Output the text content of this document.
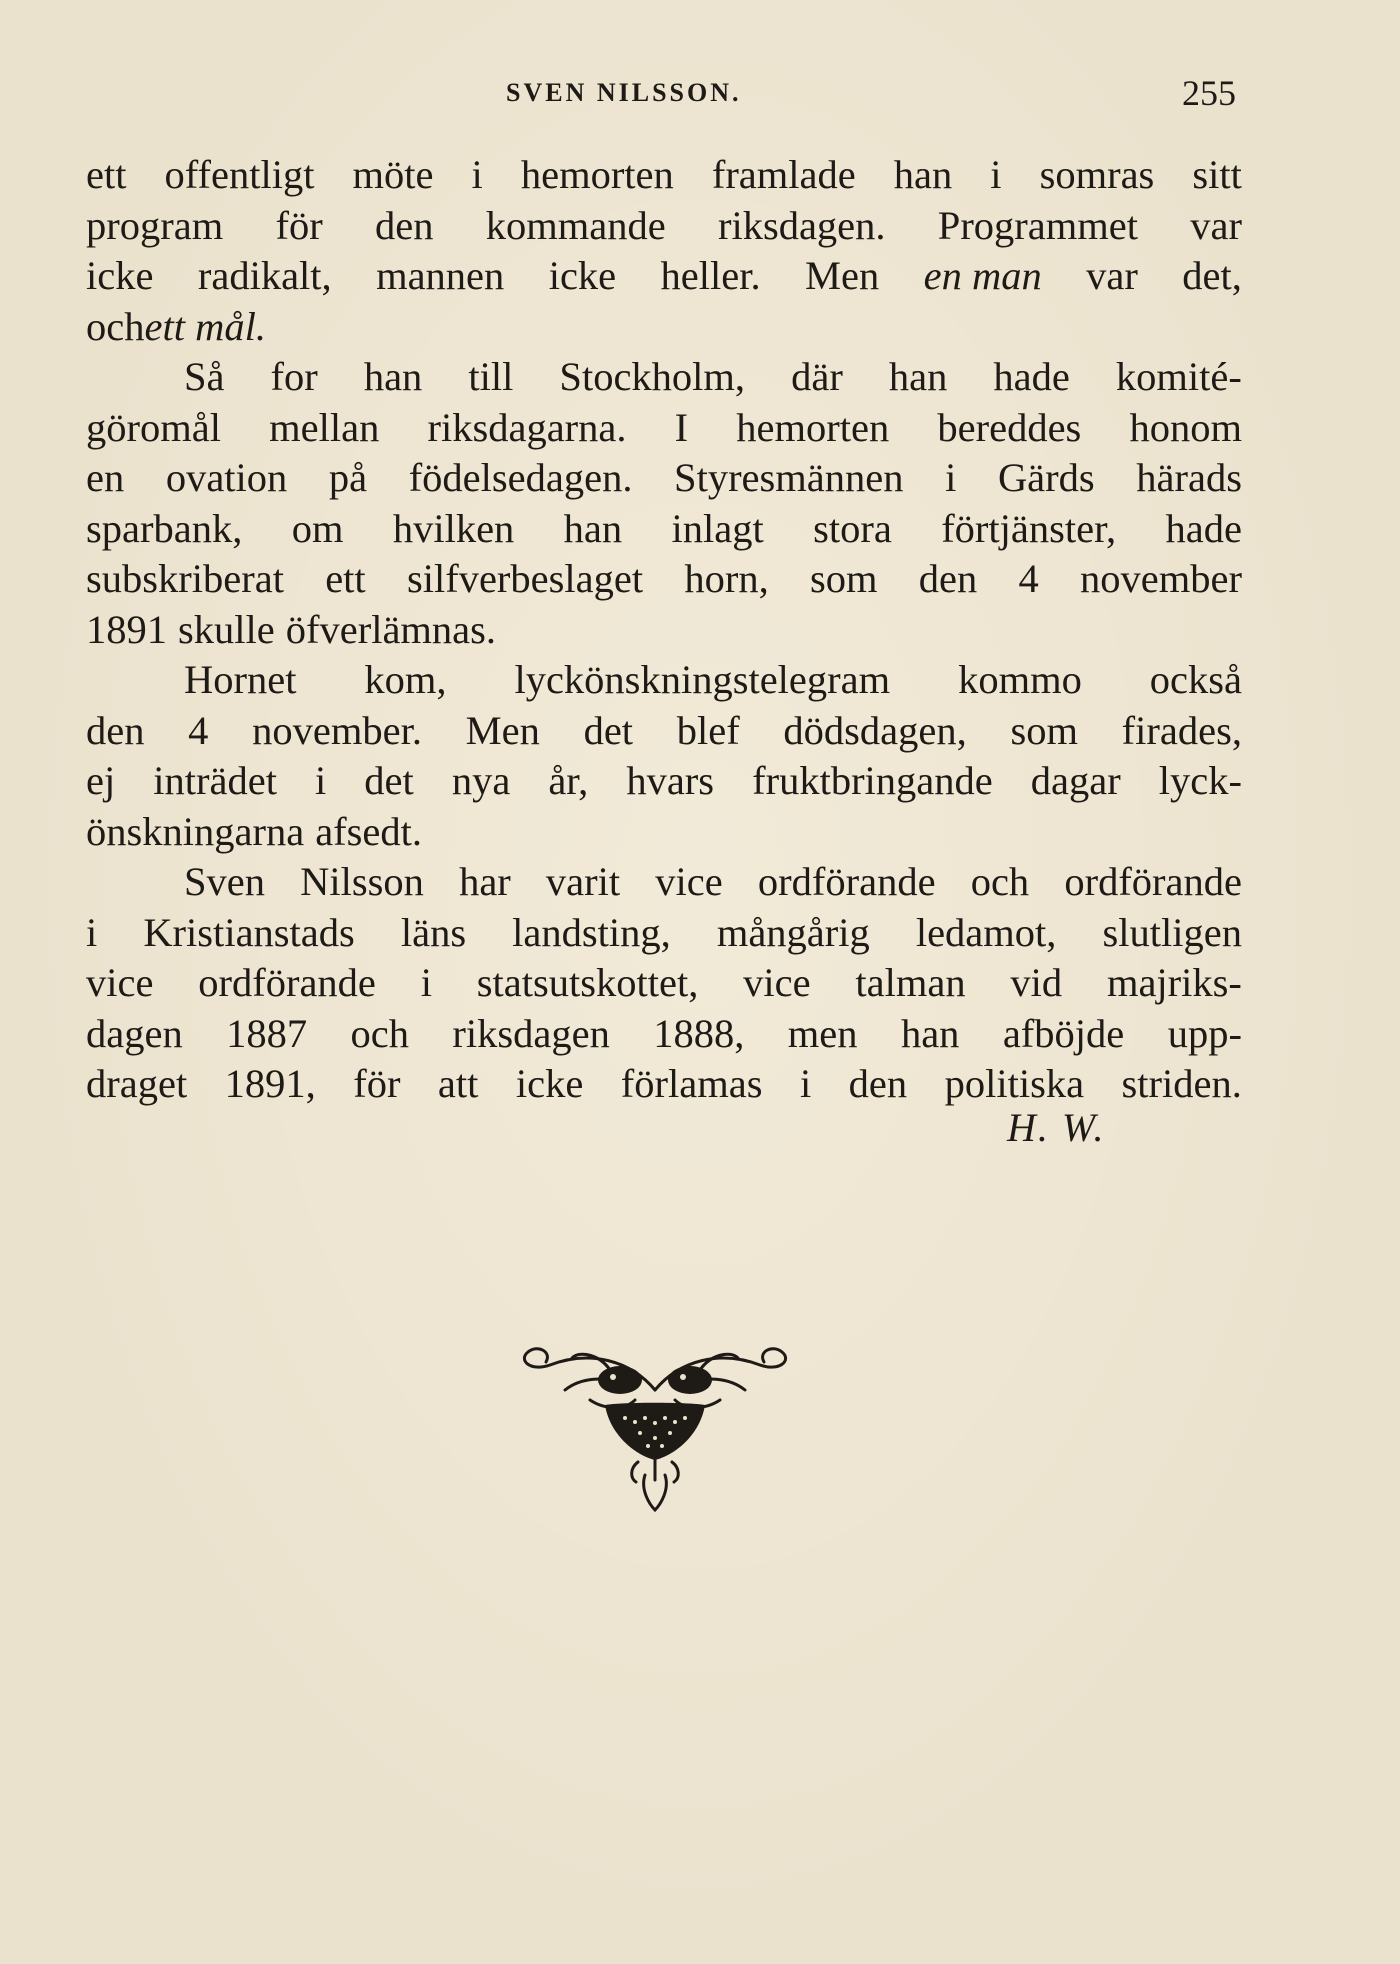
SVEN NILSSON.	255
ett offentligt möte i hemorten framlade han i somras sitt
program för den kommande riksdagen. Programmet var
icke radikalt, mannen icke heller. Men en man var det,
och ett mål.
Så for han till Stockholm, där han hade komité-
göromål mellan riksdagarna. I hemorten bereddes honom
en ovation på födelsedagen. Styresmännen i Gärds härads
sparbank, om hvilken han inlagt stora förtjänster, hade
subskriberat ett silfverbeslaget horn, som den 4 november
1891 skulle öfverlämnas.
Hornet kom, lyckönskningstelegram kommo också
den 4 november. Men det blef dödsdagen, som firades,
ej inträdet i det nya år, hvars fruktbringande dagar lyck-
önskningarna afsedt.
Sven Nilsson har varit vice ordförande och ordförande
i Kristianstads läns landsting, mångårig ledamot, slutligen
vice ordförande i statsutskottet, vice talman vid majriks-
dagen 1887 och riksdagen 1888, men han afböjde upp-
draget 1891, för att icke förlamas i den politiska striden.
H. W.
